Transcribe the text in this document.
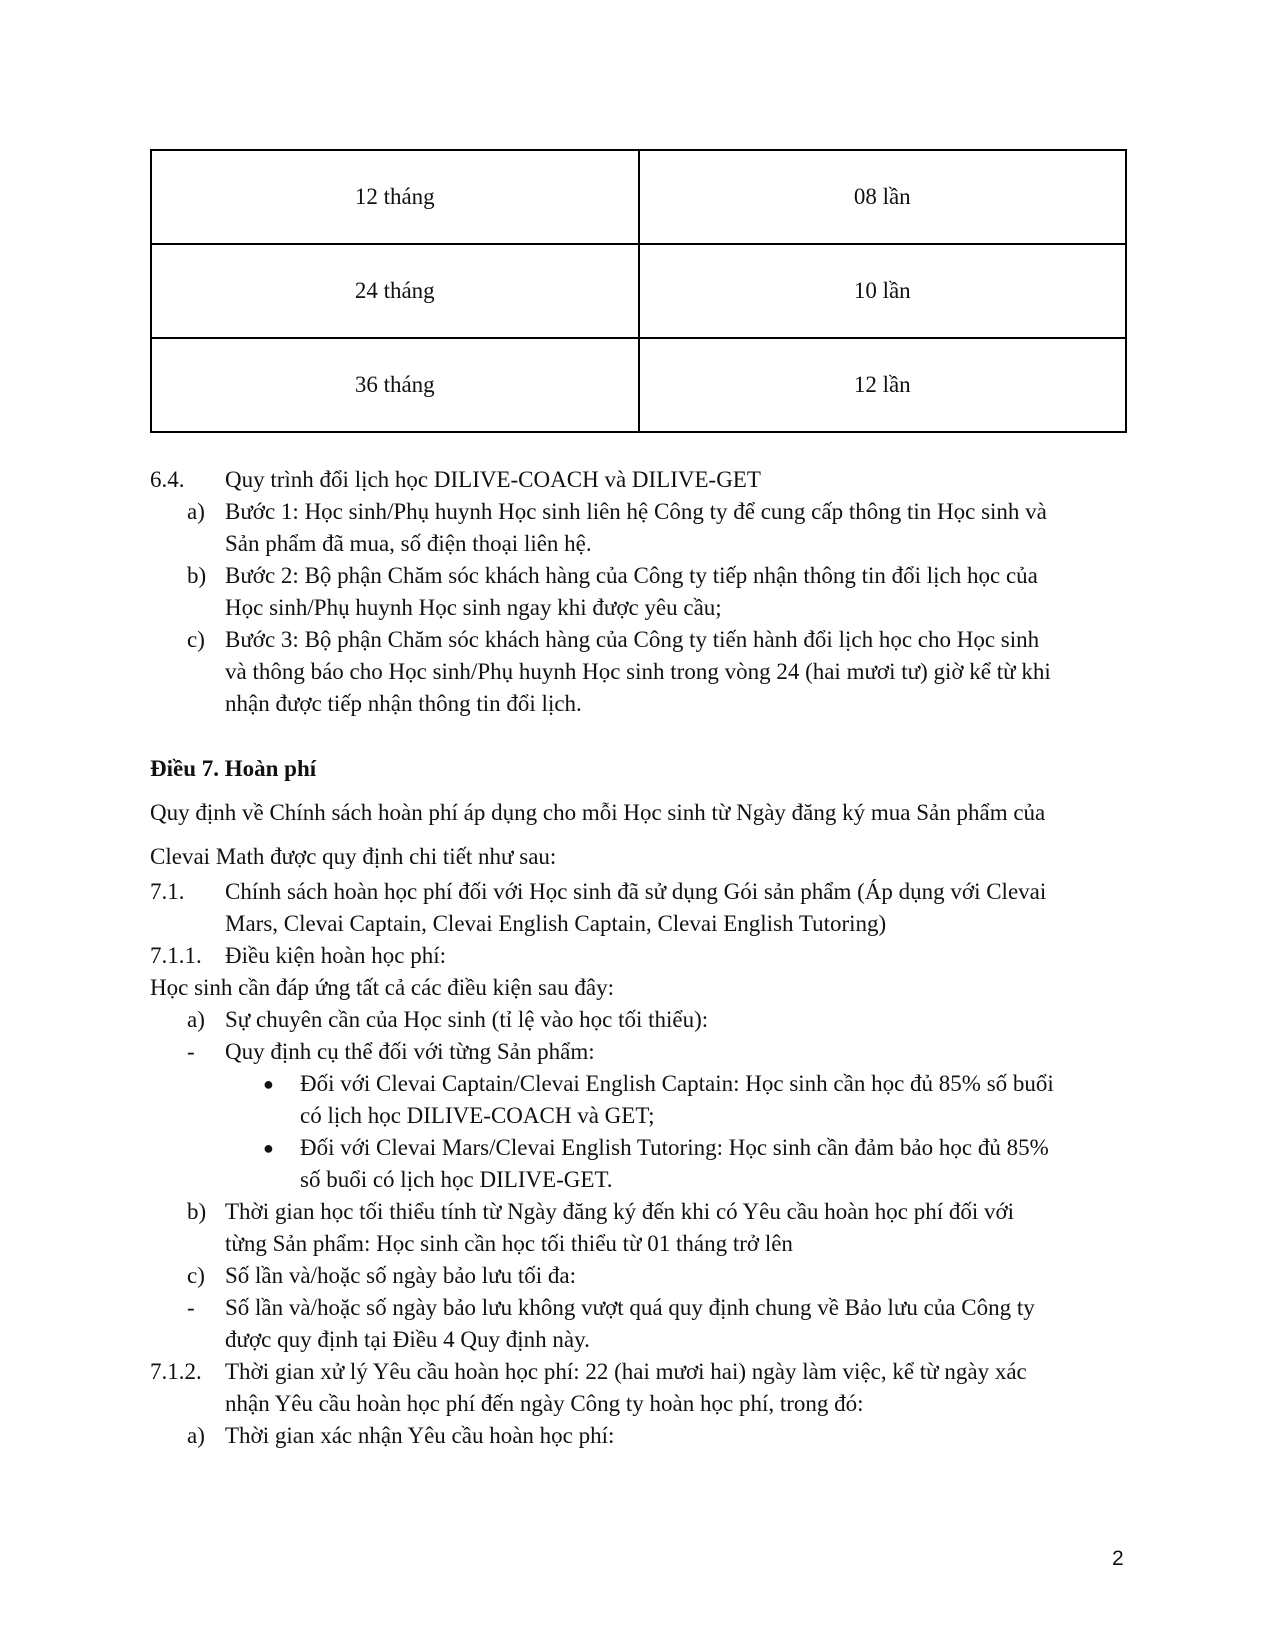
12 tháng	08 lần
24 tháng	10 lần
36 tháng	12 lần
6.4. Quy trình đổi lịch học DILIVE-COACH và DILIVE-GET
a) Bước 1: Học sinh/Phụ huynh Học sinh liên hệ Công ty để cung cấp thông tin Học sinh và
Sản phẩm đã mua, số điện thoại liên hệ.
b) Bước 2: Bộ phận Chăm sóc khách hàng của Công ty tiếp nhận thông tin đổi lịch học của
Học sinh/Phụ huynh Học sinh ngay khi được yêu cầu;
c) Bước 3: Bộ phận Chăm sóc khách hàng của Công ty tiến hành đổi lịch học cho Học sinh
và thông báo cho Học sinh/Phụ huynh Học sinh trong vòng 24 (hai mươi tư) giờ kể từ khi
nhận được tiếp nhận thông tin đổi lịch.
Điều 7. Hoàn phí
Quy định về Chính sách hoàn phí áp dụng cho mỗi Học sinh từ Ngày đăng ký mua Sản phẩm của
Clevai Math được quy định chi tiết như sau:
7.1. Chính sách hoàn học phí đối với Học sinh đã sử dụng Gói sản phẩm (Áp dụng với Clevai
Mars, Clevai Captain, Clevai English Captain, Clevai English Tutoring)
7.1.1. Điều kiện hoàn học phí:
Học sinh cần đáp ứng tất cả các điều kiện sau đây:
a) Sự chuyên cần của Học sinh (tỉ lệ vào học tối thiểu):
- Quy định cụ thể đối với từng Sản phẩm:
● Đối với Clevai Captain/Clevai English Captain: Học sinh cần học đủ 85% số buổi
có lịch học DILIVE-COACH và GET;
● Đối với Clevai Mars/Clevai English Tutoring: Học sinh cần đảm bảo học đủ 85%
số buổi có lịch học DILIVE-GET.
b) Thời gian học tối thiểu tính từ Ngày đăng ký đến khi có Yêu cầu hoàn học phí đối với
từng Sản phẩm: Học sinh cần học tối thiểu từ 01 tháng trở lên
c) Số lần và/hoặc số ngày bảo lưu tối đa:
- Số lần và/hoặc số ngày bảo lưu không vượt quá quy định chung về Bảo lưu của Công ty
được quy định tại Điều 4 Quy định này.
7.1.2. Thời gian xử lý Yêu cầu hoàn học phí: 22 (hai mươi hai) ngày làm việc, kể từ ngày xác
nhận Yêu cầu hoàn học phí đến ngày Công ty hoàn học phí, trong đó:
a) Thời gian xác nhận Yêu cầu hoàn học phí:
2
